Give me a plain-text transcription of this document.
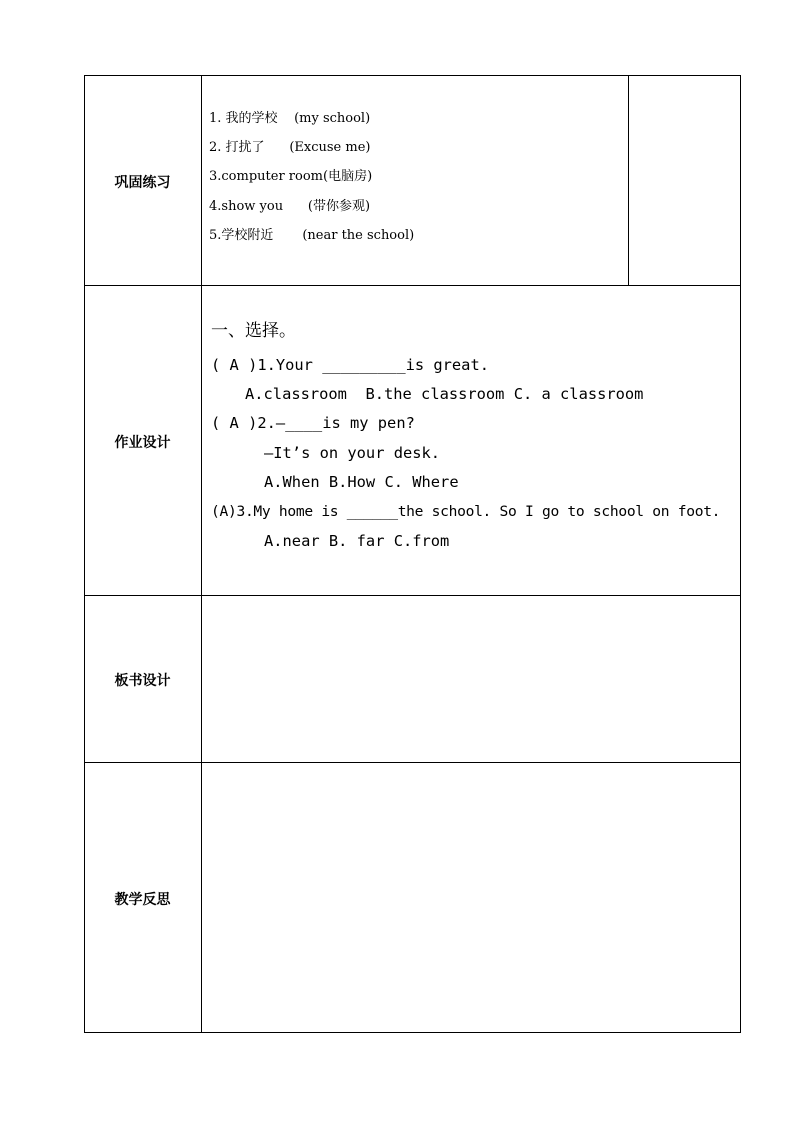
巩固练习
作业设计
板书设计
教学反思
1. 我的学校    (my school)
2. 打扰了      (Excuse me)
3.computer room(电脑房)
4.show you      (带你参观)
5.学校附近       (near the school)
一、选择。
( A )1.Your _________is great.
A.classroom  B.the classroom C. a classroom
( A )2.—____is my pen?
—It’s on your desk.
A.When B.How C. Where
(A)3.My home is ______the school. So I go to school on foot.
A.near B. far C.from
